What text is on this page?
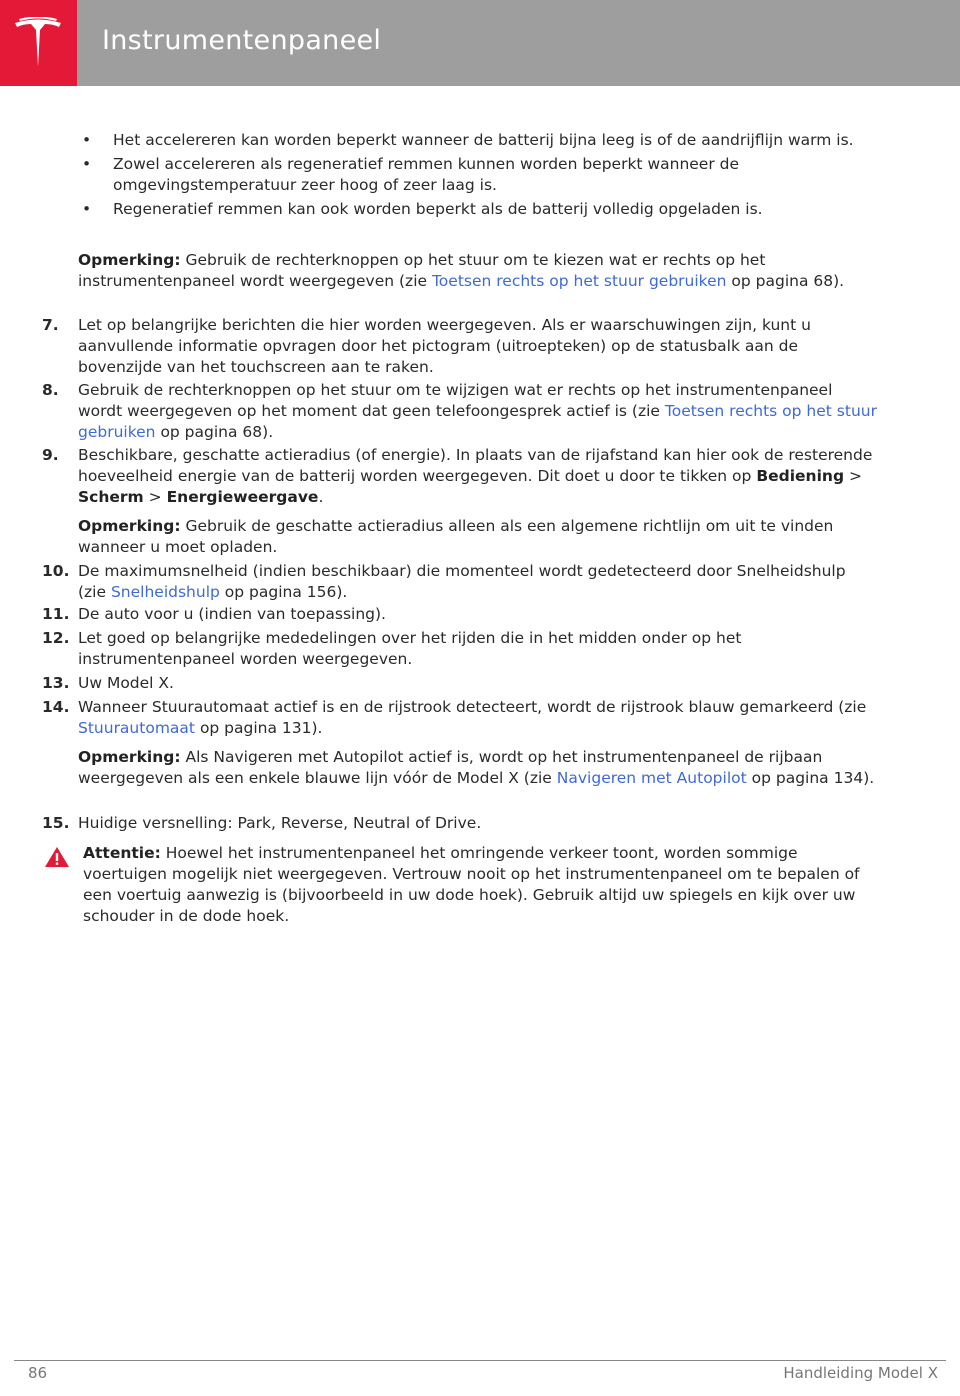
Instrumentenpaneel
• Het accelereren kan worden beperkt wanneer de batterij bijna leeg is of de aandrijflijn warm is.
• Zowel accelereren als regeneratief remmen kunnen worden beperkt wanneer de omgevingstemperatuur zeer hoog of zeer laag is.
• Regeneratief remmen kan ook worden beperkt als de batterij volledig opgeladen is.
Opmerking: Gebruik de rechterknoppen op het stuur om te kiezen wat er rechts op het instrumentenpaneel wordt weergegeven (zie Toetsen rechts op het stuur gebruiken op pagina 68).
7. Let op belangrijke berichten die hier worden weergegeven. Als er waarschuwingen zijn, kunt u aanvullende informatie opvragen door het pictogram (uitroepteken) op de statusbalk aan de bovenzijde van het touchscreen aan te raken.
8. Gebruik de rechterknoppen op het stuur om te wijzigen wat er rechts op het instrumentenpaneel wordt weergegeven op het moment dat geen telefoongesprek actief is (zie Toetsen rechts op het stuur gebruiken op pagina 68).
9. Beschikbare, geschatte actieradius (of energie). In plaats van de rijafstand kan hier ook de resterende hoeveelheid energie van de batterij worden weergegeven. Dit doet u door te tikken op Bediening > Scherm > Energieweergave.
Opmerking: Gebruik de geschatte actieradius alleen als een algemene richtlijn om uit te vinden wanneer u moet opladen.
10. De maximumsnelheid (indien beschikbaar) die momenteel wordt gedetecteerd door Snelheidshulp (zie Snelheidshulp op pagina 156).
11. De auto voor u (indien van toepassing).
12. Let goed op belangrijke mededelingen over het rijden die in het midden onder op het instrumentenpaneel worden weergegeven.
13. Uw Model X.
14. Wanneer Stuurautomaat actief is en de rijstrook detecteert, wordt de rijstrook blauw gemarkeerd (zie Stuurautomaat op pagina 131).
Opmerking: Als Navigeren met Autopilot actief is, wordt op het instrumentenpaneel de rijbaan weergegeven als een enkele blauwe lijn vóór de Model X (zie Navigeren met Autopilot op pagina 134).
15. Huidige versnelling: Park, Reverse, Neutral of Drive.
Attentie: Hoewel het instrumentenpaneel het omringende verkeer toont, worden sommige voertuigen mogelijk niet weergegeven. Vertrouw nooit op het instrumentenpaneel om te bepalen of een voertuig aanwezig is (bijvoorbeeld in uw dode hoek). Gebruik altijd uw spiegels en kijk over uw schouder in de dode hoek.
86	Handleiding Model X
